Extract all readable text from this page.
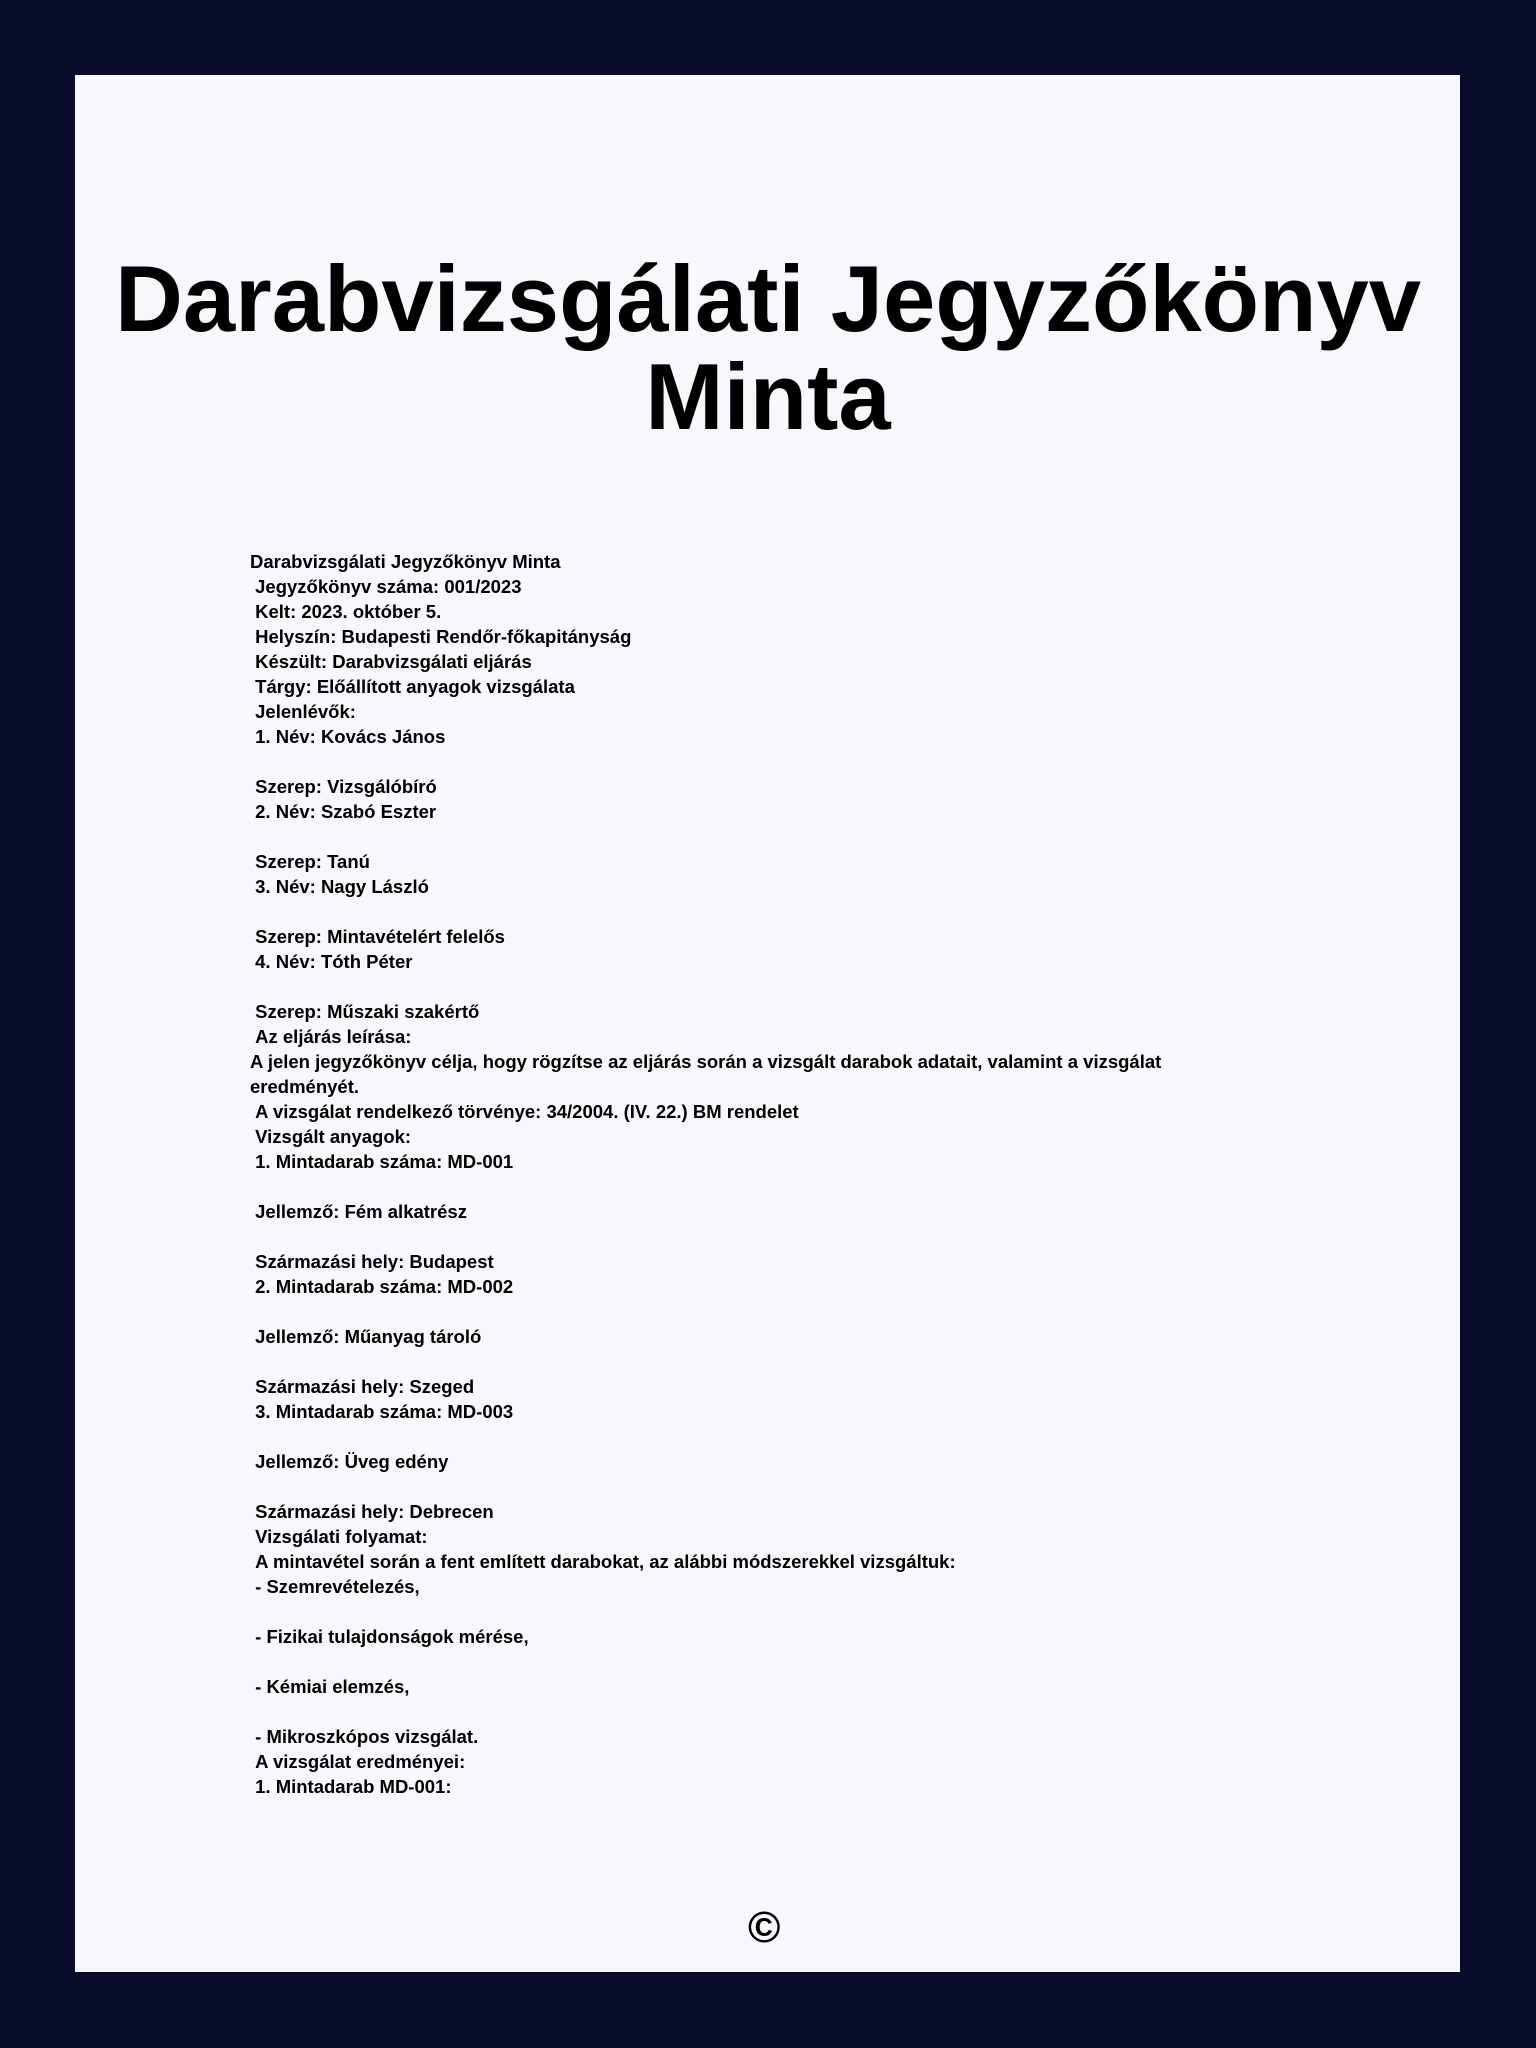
Darabvizsgálati Jegyzőkönyv
Minta
Darabvizsgálati Jegyzőkönyv Minta
Jegyzőkönyv száma: 001/2023
Kelt: 2023. október 5.
Helyszín: Budapesti Rendőr-főkapitányság
Készült: Darabvizsgálati eljárás
Tárgy: Előállított anyagok vizsgálata
Jelenlévők:
1. Név: Kovács János
Szerep: Vizsgálóbíró
2. Név: Szabó Eszter
Szerep: Tanú
3. Név: Nagy László
Szerep: Mintavételért felelős
4. Név: Tóth Péter
Szerep: Műszaki szakértő
Az eljárás leírása:
A jelen jegyzőkönyv célja, hogy rögzítse az eljárás során a vizsgált darabok adatait, valamint a vizsgálat eredményét.
A vizsgálat rendelkező törvénye: 34/2004. (IV. 22.) BM rendelet
Vizsgált anyagok:
1. Mintadarab száma: MD-001
Jellemző: Fém alkatrész
Származási hely: Budapest
2. Mintadarab száma: MD-002
Jellemző: Műanyag tároló
Származási hely: Szeged
3. Mintadarab száma: MD-003
Jellemző: Üveg edény
Származási hely: Debrecen
Vizsgálati folyamat:
A mintavétel során a fent említett darabokat, az alábbi módszerekkel vizsgáltuk:
- Szemrevételezés,
- Fizikai tulajdonságok mérése,
- Kémiai elemzés,
- Mikroszkópos vizsgálat.
A vizsgálat eredményei:
1. Mintadarab MD-001:
©
